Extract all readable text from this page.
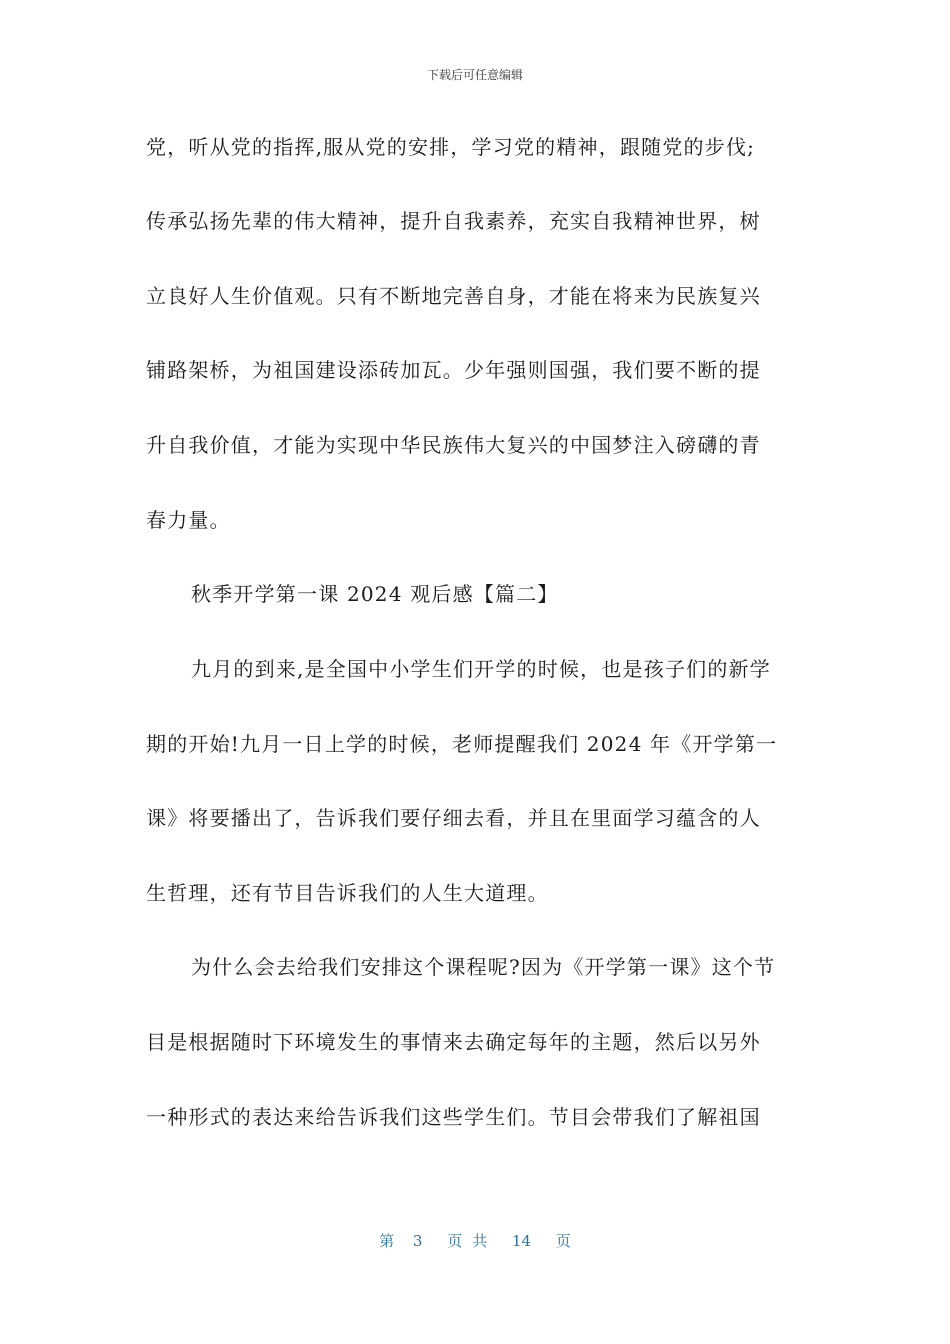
下载后可任意编辑
党，听从党的指挥,服从党的安排，学习党的精神，跟随党的步伐;
传承弘扬先辈的伟大精神，提升自我素养，充实自我精神世界，树
立良好人生价值观。只有不断地完善自身，才能在将来为民族复兴
铺路架桥，为祖国建设添砖加瓦。少年强则国强，我们要不断的提
升自我价值，才能为实现中华民族伟大复兴的中国梦注入磅礴的青
春力量。
秋季开学第一课 2024 观后感【篇二】
九月的到来,是全国中小学生们开学的时候，也是孩子们的新学
期的开始!九月一日上学的时候，老师提醒我们 2024 年《开学第一
课》将要播出了，告诉我们要仔细去看，并且在里面学习蕴含的人
生哲理，还有节目告诉我们的人生大道理。
为什么会去给我们安排这个课程呢?因为《开学第一课》这个节
目是根据随时下环境发生的事情来去确定每年的主题，然后以另外
一种形式的表达来给告诉我们这些学生们。节目会带我们了解祖国
第 3 页共 14 页
